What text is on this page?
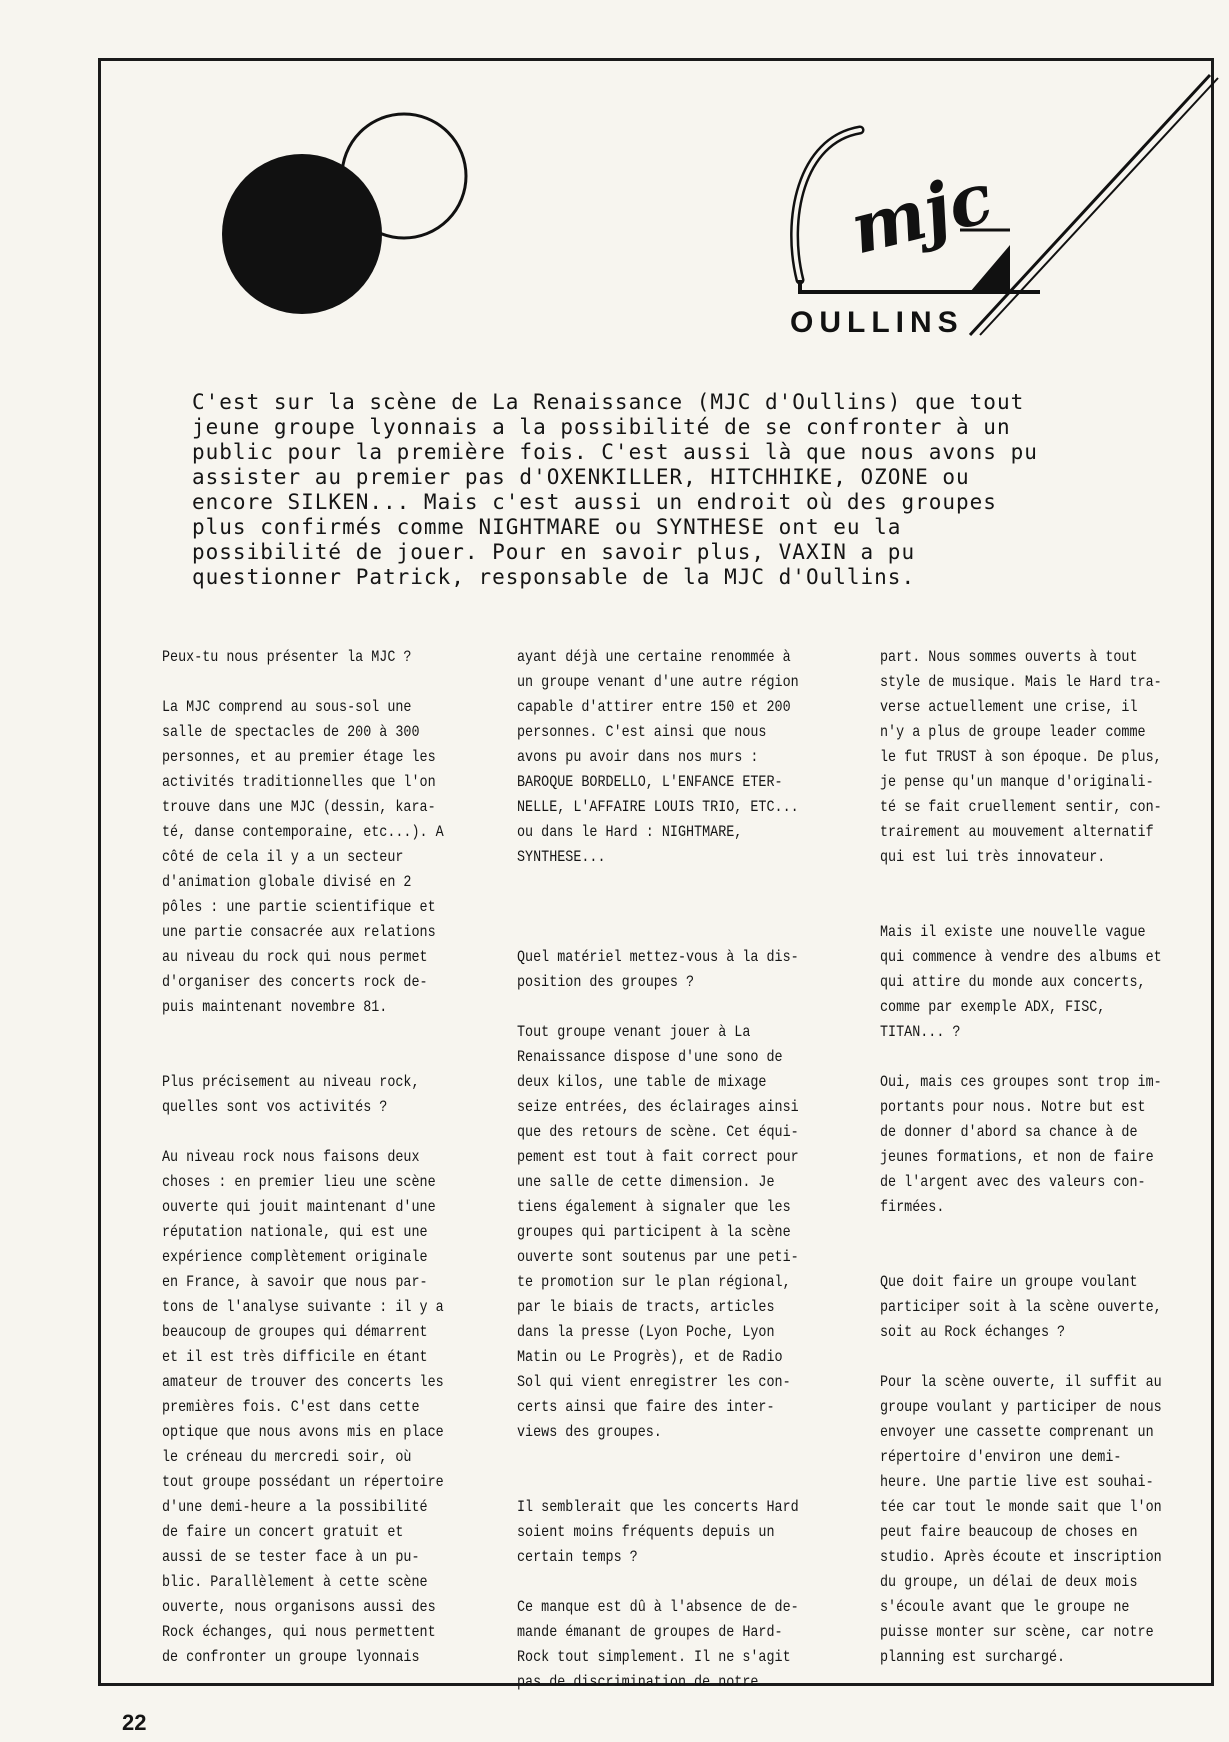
mjc
OULLINS
C'est sur la scène de La Renaissance (MJC d'Oullins) que tout
jeune groupe lyonnais a la possibilité de se confronter à un
public pour la première fois. C'est aussi là que nous avons pu
assister au premier pas d'OXENKILLER, HITCHHIKE, OZONE ou
encore SILKEN... Mais c'est aussi un endroit où des groupes
plus confirmés comme NIGHTMARE ou SYNTHESE ont eu la
possibilité de jouer. Pour en savoir plus, VAXIN a pu
questionner Patrick, responsable de la MJC d'Oullins.
Peux-tu nous présenter la MJC ?
La MJC comprend au sous-sol une
salle de spectacles de 200 à 300
personnes, et au premier étage les
activités traditionnelles que l'on
trouve dans une MJC (dessin, kara-
té, danse contemporaine, etc...). A
côté de cela il y a un secteur
d'animation globale divisé en 2
pôles : une partie scientifique et
une partie consacrée aux relations
au niveau du rock qui nous permet
d'organiser des concerts rock de-
puis maintenant novembre 81.
Plus précisement au niveau rock,
quelles sont vos activités ?
Au niveau rock nous faisons deux
choses : en premier lieu une scène
ouverte qui jouit maintenant d'une
réputation nationale, qui est une
expérience complètement originale
en France, à savoir que nous par-
tons de l'analyse suivante : il y a
beaucoup de groupes qui démarrent
et il est très difficile en étant
amateur de trouver des concerts les
premières fois. C'est dans cette
optique que nous avons mis en place
le créneau du mercredi soir, où
tout groupe possédant un répertoire
d'une demi-heure a la possibilité
de faire un concert gratuit et
aussi de se tester face à un pu-
blic. Parallèlement à cette scène
ouverte, nous organisons aussi des
Rock échanges, qui nous permettent
de confronter un groupe lyonnais
ayant déjà une certaine renommée à
un groupe venant d'une autre région
capable d'attirer entre 150 et 200
personnes. C'est ainsi que nous
avons pu avoir dans nos murs :
BAROQUE BORDELLO, L'ENFANCE ETER-
NELLE, L'AFFAIRE LOUIS TRIO, ETC...
ou dans le Hard : NIGHTMARE,
SYNTHESE...
Quel matériel mettez-vous à la dis-
position des groupes ?
Tout groupe venant jouer à La
Renaissance dispose d'une sono de
deux kilos, une table de mixage
seize entrées, des éclairages ainsi
que des retours de scène. Cet équi-
pement est tout à fait correct pour
une salle de cette dimension. Je
tiens également à signaler que les
groupes qui participent à la scène
ouverte sont soutenus par une peti-
te promotion sur le plan régional,
par le biais de tracts, articles
dans la presse (Lyon Poche, Lyon
Matin ou Le Progrès), et de Radio
Sol qui vient enregistrer les con-
certs ainsi que faire des inter-
views des groupes.
Il semblerait que les concerts Hard
soient moins fréquents depuis un
certain temps ?
Ce manque est dû à l'absence de de-
mande émanant de groupes de Hard-
Rock tout simplement. Il ne s'agit
pas de discrimination de notre
part. Nous sommes ouverts à tout
style de musique. Mais le Hard tra-
verse actuellement une crise, il
n'y a plus de groupe leader comme
le fut TRUST à son époque. De plus,
je pense qu'un manque d'originali-
té se fait cruellement sentir, con-
trairement au mouvement alternatif
qui est lui très innovateur.
Mais il existe une nouvelle vague
qui commence à vendre des albums et
qui attire du monde aux concerts,
comme par exemple ADX, FISC,
TITAN... ?
Oui, mais ces groupes sont trop im-
portants pour nous. Notre but est
de donner d'abord sa chance à de
jeunes formations, et non de faire
de l'argent avec des valeurs con-
firmées.
Que doit faire un groupe voulant
participer soit à la scène ouverte,
soit au Rock échanges ?
Pour la scène ouverte, il suffit au
groupe voulant y participer de nous
envoyer une cassette comprenant un
répertoire d'environ une demi-
heure. Une partie live est souhai-
tée car tout le monde sait que l'on
peut faire beaucoup de choses en
studio. Après écoute et inscription
du groupe, un délai de deux mois
s'écoule avant que le groupe ne
puisse monter sur scène, car notre
planning est surchargé.
22
